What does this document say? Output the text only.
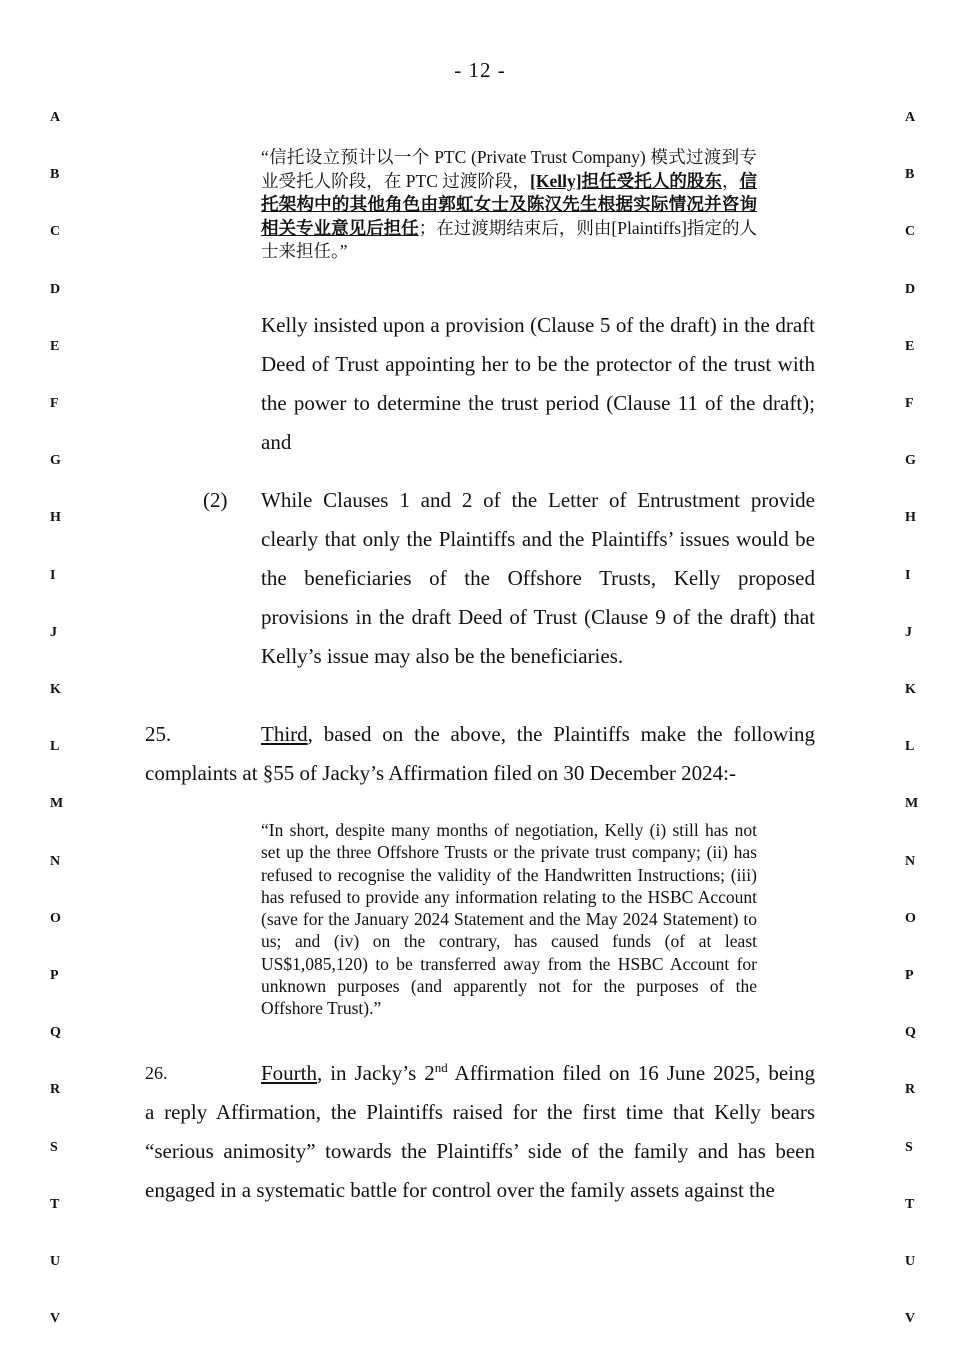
- 12 -
A
B
C
D
E
F
G
H
I
J
K
L
M
N
O
P
Q
R
S
T
U
V
A
B
C
D
E
F
G
H
I
J
K
L
M
N
O
P
Q
R
S
T
U
V
“信托设立预计以一个 PTC (Private Trust Company) 模式过渡到专业受托人阶段，在 PTC 过渡阶段，[Kelly]担任受托人的股东，信托架构中的其他角色由郭虹女士及陈汉先生根据实际情况并咨询相关专业意见后担任；在过渡期结束后，则由[Plaintiffs]指定的人士来担任。”
Kelly insisted upon a provision (Clause 5 of the draft) in the draft Deed of Trust appointing her to be the protector of the trust with the power to determine the trust period (Clause 11 of the draft); and
(2) While Clauses 1 and 2 of the Letter of Entrustment provide clearly that only the Plaintiffs and the Plaintiffs’ issues would be the beneficiaries of the Offshore Trusts, Kelly proposed provisions in the draft Deed of Trust (Clause 9 of the draft) that Kelly’s issue may also be the beneficiaries.
25.	Third, based on the above, the Plaintiffs make the following
complaints at §55 of Jacky’s Affirmation filed on 30 December 2024:-
“In short, despite many months of negotiation, Kelly (i) still has not set up the three Offshore Trusts or the private trust company; (ii) has refused to recognise the validity of the Handwritten Instructions; (iii) has refused to provide any information relating to the HSBC Account (save for the January 2024 Statement and the May 2024 Statement) to us; and (iv) on the contrary, has caused funds (of at least US$1,085,120) to be transferred away from the HSBC Account for unknown purposes (and apparently not for the purposes of the Offshore Trust).”
26.	Fourth, in Jacky’s 2nd Affirmation filed on 16 June 2025, being
a reply Affirmation, the Plaintiffs raised for the first time that Kelly bears “serious animosity” towards the Plaintiffs’ side of the family and has been engaged in a systematic battle for control over the family assets against the
